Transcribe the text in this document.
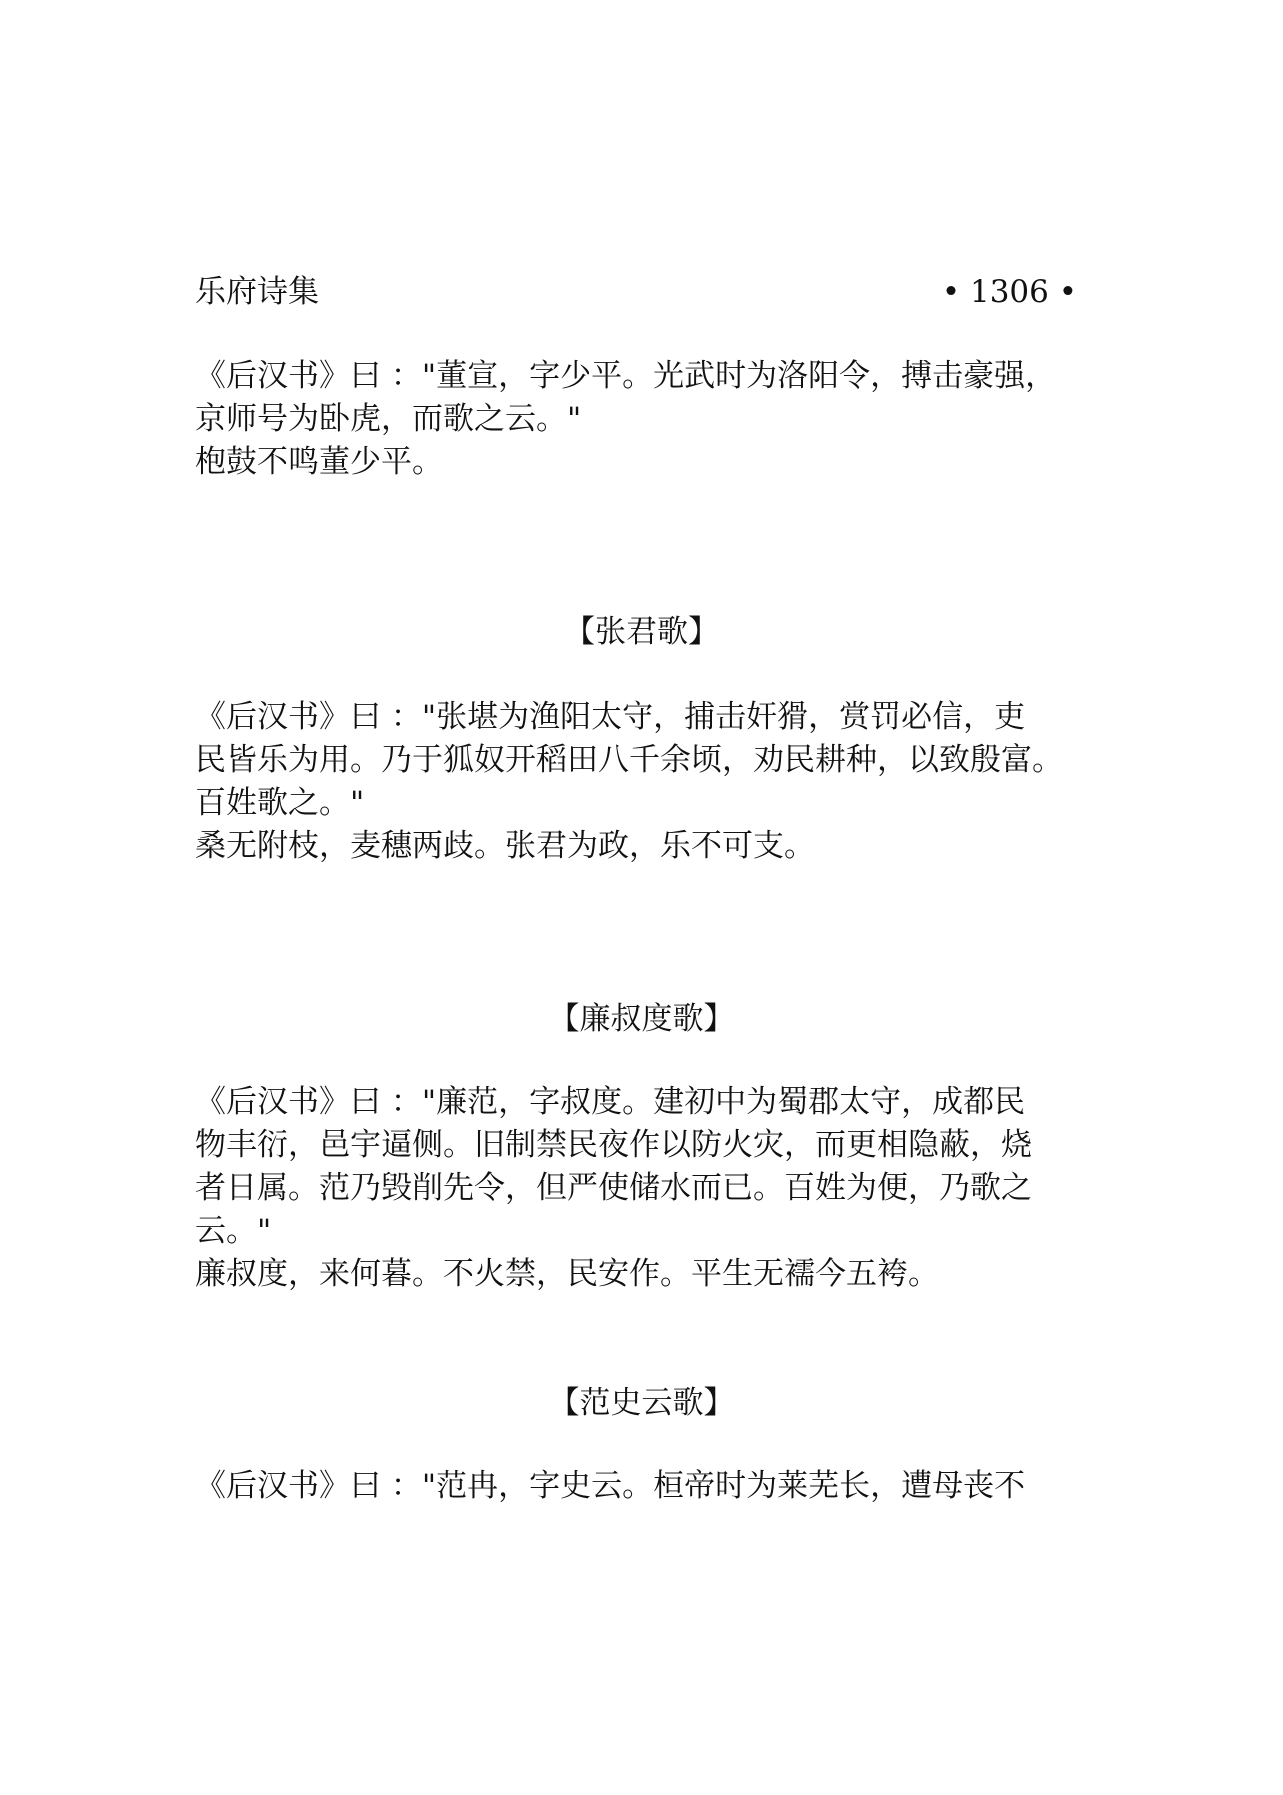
乐府诗集	• 1306 •

《后汉书》曰 ："董宣，字少平。光武时为洛阳令，搏击豪强，
京师号为卧虎，而歌之云。"
枹鼓不鸣董少平。

【张君歌】

《后汉书》曰 ："张堪为渔阳太守，捕击奸猾，赏罚必信，吏
民皆乐为用。乃于狐奴开稻田八千余顷，劝民耕种，以致殷富。
百姓歌之。"
桑无附枝，麦穗两歧。张君为政，乐不可支。

【廉叔度歌】

《后汉书》曰 ："廉范，字叔度。建初中为蜀郡太守，成都民
物丰衍，邑宇逼侧。旧制禁民夜作以防火灾，而更相隐蔽，烧
者日属。范乃毁削先令，但严使储水而已。百姓为便，乃歌之
云。"
廉叔度，来何暮。不火禁，民安作。平生无襦今五袴。

【范史云歌】

《后汉书》曰 ："范冉，字史云。桓帝时为莱芜长，遭母丧不
